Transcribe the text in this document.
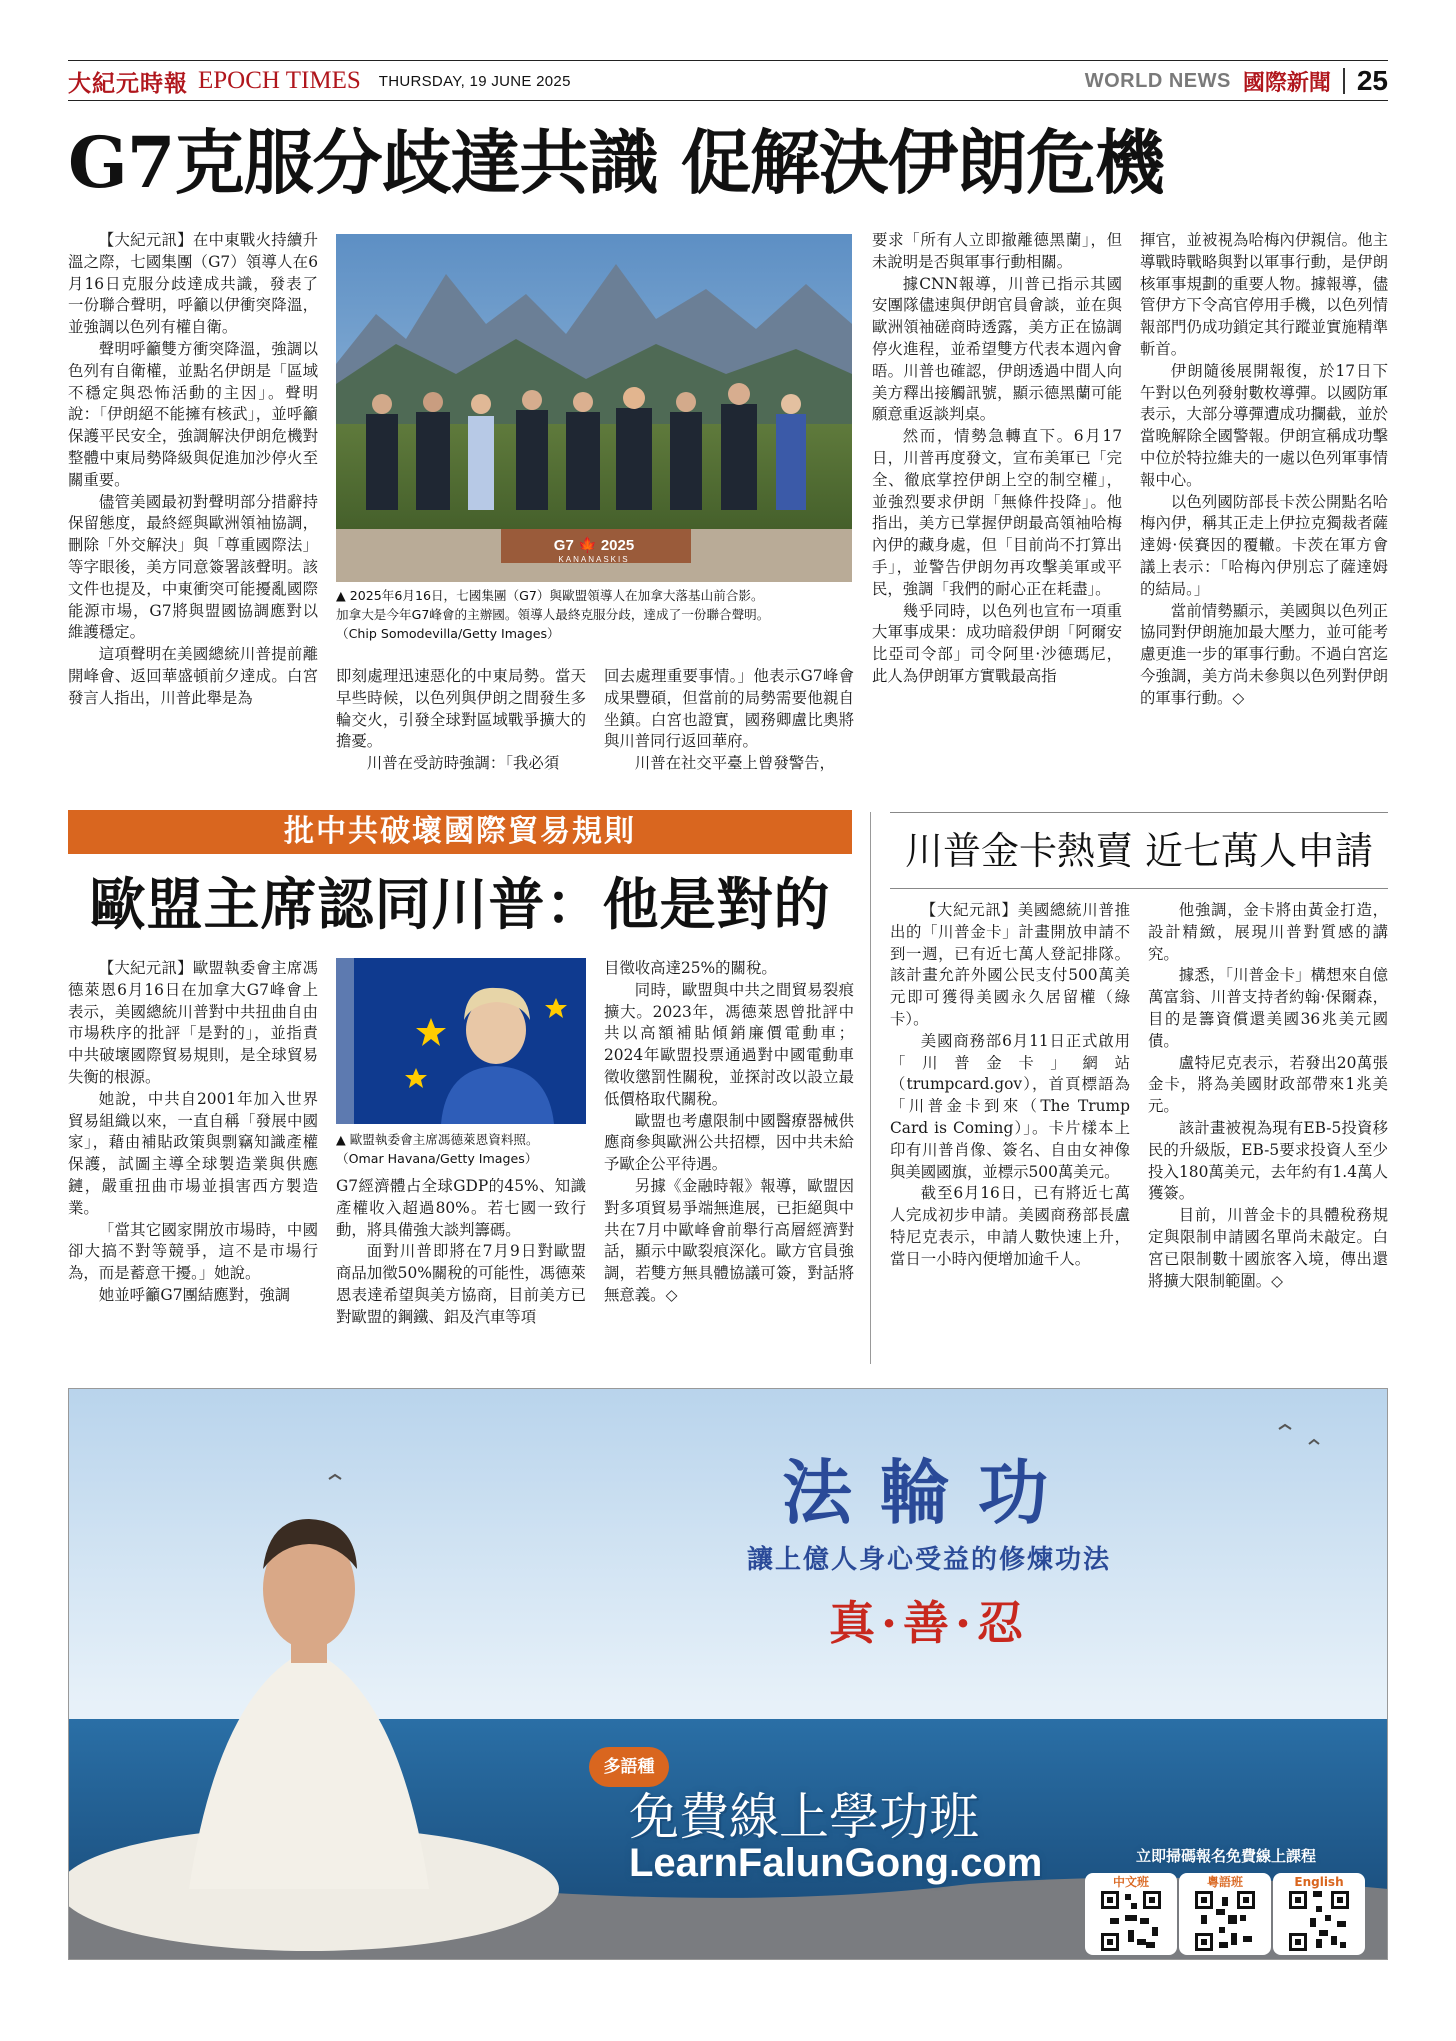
大紀元時報 EPOCH TIMES THURSDAY, 19 JUNE 2025	WORLD NEWS 國際新聞 25
G7克服分歧達共識 促解決伊朗危機

【大紀元訊】在中東戰火持續升溫之際，七國集團（G7）領導人在6月16日克服分歧達成共識，發表了一份聯合聲明，呼籲以伊衝突降溫，並強調以色列有權自衛。

聲明呼籲雙方衝突降溫，強調以色列有自衛權，並點名伊朗是「區域不穩定與恐怖活動的主因」。聲明說：「伊朗絕不能擁有核武」，並呼籲保護平民安全，強調解決伊朗危機對整體中東局勢降級與促進加沙停火至關重要。

儘管美國最初對聲明部分措辭持保留態度，最終經與歐洲領袖協調，刪除「外交解決」與「尊重國際法」等字眼後，美方同意簽署該聲明。該文件也提及，中東衝突可能擾亂國際能源市場，G7將與盟國協調應對以維護穩定。

這項聲明在美國總統川普提前離開峰會、返回華盛頓前夕達成。白宮發言人指出，川普此舉是為

G7 🍁 2025
KANANASKIS
▲ 2025年6月16日，七國集團（G7）與歐盟領導人在加拿大落基山前合影。
加拿大是今年G7峰會的主辦國。領導人最終克服分歧，達成了一份聯合聲明。
（Chip Somodevilla/Getty Images）

即刻處理迅速惡化的中東局勢。當天早些時候，以色列與伊朗之間發生多輪交火，引發全球對區域戰爭擴大的擔憂。

川普在受訪時強調：「我必須

回去處理重要事情。」他表示G7峰會成果豐碩，但當前的局勢需要他親自坐鎮。白宮也證實，國務卿盧比奧將與川普同行返回華府。

川普在社交平臺上曾發警告，

要求「所有人立即撤離德黑蘭」，但未說明是否與軍事行動相關。

據CNN報導，川普已指示其國安團隊儘速與伊朗官員會談，並在與歐洲領袖磋商時透露，美方正在協調停火進程，並希望雙方代表本週內會晤。川普也確認，伊朗透過中間人向美方釋出接觸訊號，顯示德黑蘭可能願意重返談判桌。

然而，情勢急轉直下。6月17日，川普再度發文，宣布美軍已「完全、徹底掌控伊朗上空的制空權」，並強烈要求伊朗「無條件投降」。他指出，美方已掌握伊朗最高領袖哈梅內伊的藏身處，但「目前尚不打算出手」，並警告伊朗勿再攻擊美軍或平民，強調「我們的耐心正在耗盡」。

幾乎同時，以色列也宣布一項重大軍事成果：成功暗殺伊朗「阿爾安比亞司令部」司令阿里·沙德瑪尼，此人為伊朗軍方實戰最高指

揮官，並被視為哈梅內伊親信。他主導戰時戰略與對以軍事行動，是伊朗核軍事規劃的重要人物。據報導，儘管伊方下令高官停用手機，以色列情報部門仍成功鎖定其行蹤並實施精準斬首。

伊朗隨後展開報復，於17日下午對以色列發射數枚導彈。以國防軍表示，大部分導彈遭成功攔截，並於當晚解除全國警報。伊朗宣稱成功擊中位於特拉維夫的一處以色列軍事情報中心。

以色列國防部長卡茨公開點名哈梅內伊，稱其正走上伊拉克獨裁者薩達姆·侯賽因的覆轍。卡茨在軍方會議上表示：「哈梅內伊別忘了薩達姆的結局。」

當前情勢顯示，美國與以色列正協同對伊朗施加最大壓力，並可能考慮更進一步的軍事行動。不過白宮迄今強調，美方尚未參與以色列對伊朗的軍事行動。◇

批中共破壞國際貿易規則
歐盟主席認同川普：他是對的

【大紀元訊】歐盟執委會主席馮德萊恩6月16日在加拿大G7峰會上表示，美國總統川普對中共扭曲自由市場秩序的批評「是對的」，並指責中共破壞國際貿易規則，是全球貿易失衡的根源。

她說，中共自2001年加入世界貿易組織以來，一直自稱「發展中國家」，藉由補貼政策與剽竊知識產權保護，試圖主導全球製造業與供應鏈，嚴重扭曲市場並損害西方製造業。

「當其它國家開放市場時，中國卻大搞不對等競爭，這不是市場行為，而是蓄意干擾。」她說。

她並呼籲G7團結應對，強調

▲ 歐盟執委會主席馮德萊恩資料照。
（Omar Havana/Getty Images）

G7經濟體占全球GDP的45%、知識產權收入超過80%。若七國一致行動，將具備強大談判籌碼。

面對川普即將在7月9日對歐盟商品加徵50%關稅的可能性，馮德萊恩表達希望與美方協商，目前美方已對歐盟的鋼鐵、鋁及汽車等項

目徵收高達25%的關稅。

同時，歐盟與中共之間貿易裂痕擴大。2023年，馮德萊恩曾批評中共以高額補貼傾銷廉價電動車；2024年歐盟投票通過對中國電動車徵收懲罰性關稅，並探討改以設立最低價格取代關稅。

歐盟也考慮限制中國醫療器械供應商參與歐洲公共招標，因中共未給予歐企公平待遇。

另據《金融時報》報導，歐盟因對多項貿易爭端無進展，已拒絕與中共在7月中歐峰會前舉行高層經濟對話，顯示中歐裂痕深化。歐方官員強調，若雙方無具體協議可簽，對話將無意義。◇

川普金卡熱賣 近七萬人申請

【大紀元訊】美國總統川普推出的「川普金卡」計畫開放申請不到一週，已有近七萬人登記排隊。該計畫允許外國公民支付500萬美元即可獲得美國永久居留權（綠卡）。

美國商務部6月11日正式啟用「川普金卡」網站（trumpcard.gov），首頁標語為「川普金卡到來（The Trump Card is Coming）」。卡片樣本上印有川普肖像、簽名、自由女神像與美國國旗，並標示500萬美元。

截至6月16日，已有將近七萬人完成初步申請。美國商務部長盧特尼克表示，申請人數快速上升，當日一小時內便增加逾千人。

他強調，金卡將由黃金打造，設計精緻，展現川普對質感的講究。

據悉，「川普金卡」構想來自億萬富翁、川普支持者約翰·保爾森，目的是籌資償還美國36兆美元國債。

盧特尼克表示，若發出20萬張金卡，將為美國財政部帶來1兆美元。

該計畫被視為現有EB-5投資移民的升級版，EB-5要求投資人至少投入180萬美元，去年約有1.4萬人獲簽。

目前，川普金卡的具體稅務規定與限制申請國名單尚未敲定。白宮已限制數十國旅客入境，傳出還將擴大限制範圍。◇

法輪功
讓上億人身心受益的修煉功法
真·善·忍
多語種
免費線上學功班
LearnFalunGong.com	立即掃碼報名免費線上課程
中文班	粵語班	English
